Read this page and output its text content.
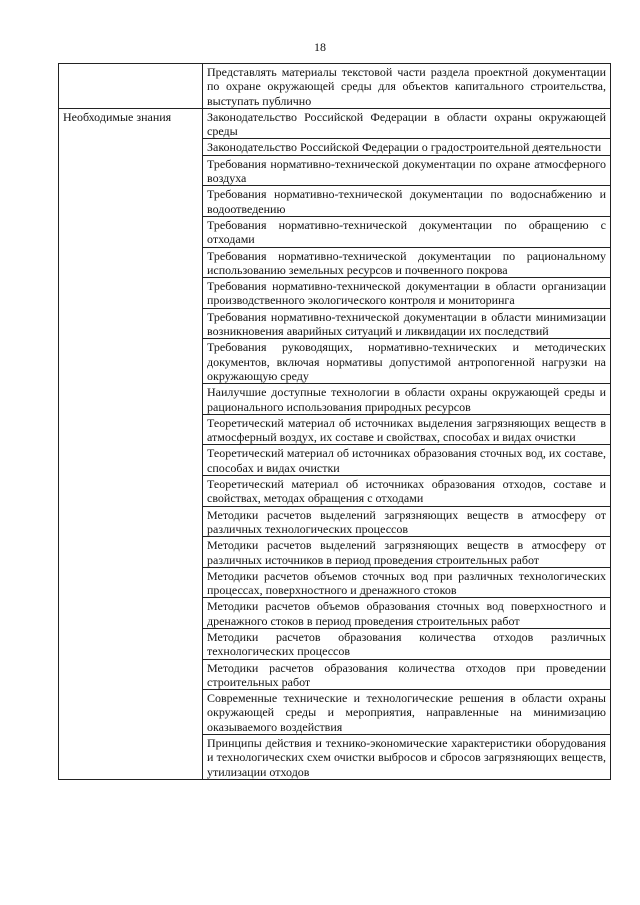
18
	Представлять материалы текстовой части раздела проектной документации по охране окружающей среды для объектов капитального строительства, выступать публично
Необходимые знания	Законодательство Российской Федерации в области охраны окружающей среды
	Законодательство Российской Федерации о градостроительной деятельности
	Требования нормативно-технической документации по охране атмосферного воздуха
	Требования нормативно-технической документации по водоснабжению и водоотведению
	Требования нормативно-технической документации по обращению с отходами
	Требования нормативно-технической документации по рациональному использованию земельных ресурсов и почвенного покрова
	Требования нормативно-технической документации в области организации производственного экологического контроля и мониторинга
	Требования нормативно-технической документации в области минимизации возникновения аварийных ситуаций и ликвидации их последствий
	Требования руководящих, нормативно-технических и методических документов, включая нормативы допустимой антропогенной нагрузки на окружающую среду
	Наилучшие доступные технологии в области охраны окружающей среды и рационального использования природных ресурсов
	Теоретический материал об источниках выделения загрязняющих веществ в атмосферный воздух, их составе и свойствах, способах и видах очистки
	Теоретический материал об источниках образования сточных вод, их составе, способах и видах очистки
	Теоретический материал об источниках образования отходов, составе и свойствах, методах обращения с отходами
	Методики расчетов выделений загрязняющих веществ в атмосферу от различных технологических процессов
	Методики расчетов выделений загрязняющих веществ в атмосферу от различных источников в период проведения строительных работ
	Методики расчетов объемов сточных вод при различных технологических процессах, поверхностного и дренажного стоков
	Методики расчетов объемов образования сточных вод поверхностного и дренажного стоков в период проведения строительных работ
	Методики расчетов образования количества отходов различных технологических процессов
	Методики расчетов образования количества отходов при проведении строительных работ
	Современные технические и технологические решения в области охраны окружающей среды и мероприятия, направленные на минимизацию оказываемого воздействия
	Принципы действия и технико-экономические характеристики оборудования и технологических схем очистки выбросов и сбросов загрязняющих веществ, утилизации отходов
